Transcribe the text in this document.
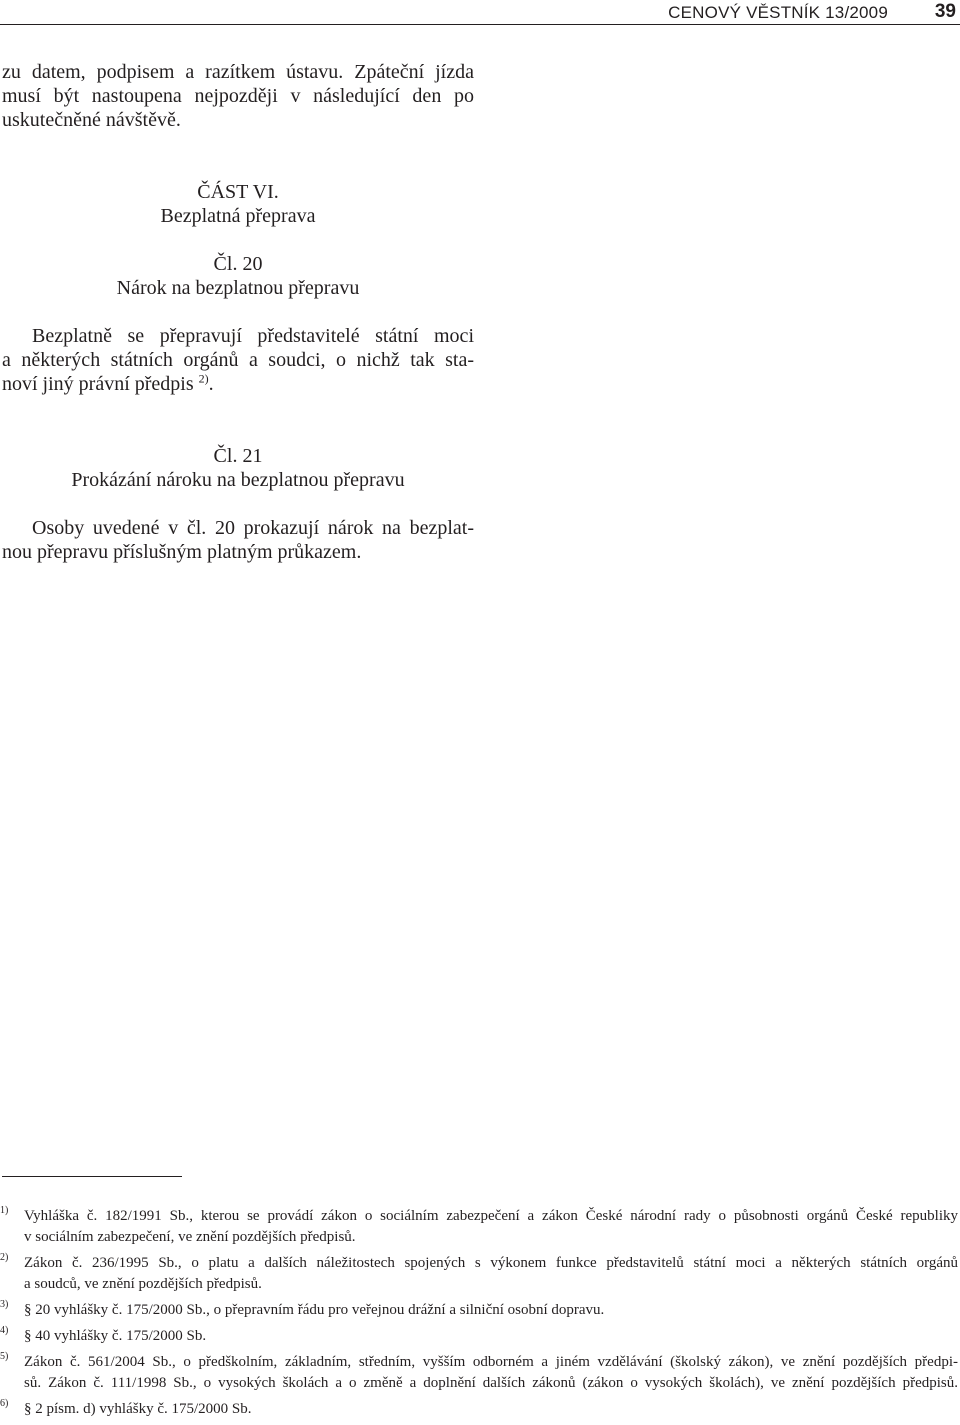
CENOVÝ VĚSTNÍK 13/2009 39

zu datem, podpisem a razítkem ústavu. Zpáteční jízda
musí být nastoupena nejpozději v následující den po
uskutečněné návštěvě.

ČÁST VI.
Bezplatná přeprava
Čl. 20
Nárok na bezplatnou přepravu

Bezplatně se přepravují představitelé státní moci
a některých státních orgánů a soudci, o nichž tak sta-
noví jiný právní předpis $^{2)}$.

Čl. 21
Prokázání nároku na bezplatnou přepravu

Osoby uvedené v čl. 20 prokazují nárok na bezplat-
nou přepravu příslušným platným průkazem.

1) Vyhláška č. 182/1991 Sb., kterou se provádí zákon o sociálním zabezpečení a zákon České národní rady o působnosti orgánů České republiky
v sociálním zabezpečení, ve znění pozdějších předpisů.
2) Zákon č. 236/1995 Sb., o platu a dalších náležitostech spojených s výkonem funkce představitelů státní moci a některých státních orgánů
a soudců, ve znění pozdějších předpisů.
3) § 20 vyhlášky č. 175/2000 Sb., o přepravním řádu pro veřejnou drážní a silniční osobní dopravu.
4) § 40 vyhlášky č. 175/2000 Sb.
5) Zákon č. 561/2004 Sb., o předškolním, základním, středním, vyšším odborném a jiném vzdělávání (školský zákon), ve znění pozdějších předpi-
sů. Zákon č. 111/1998 Sb., o vysokých školách a o změně a doplnění dalších zákonů (zákon o vysokých školách), ve znění pozdějších předpisů.
6) § 2 písm. d) vyhlášky č. 175/2000 Sb.
